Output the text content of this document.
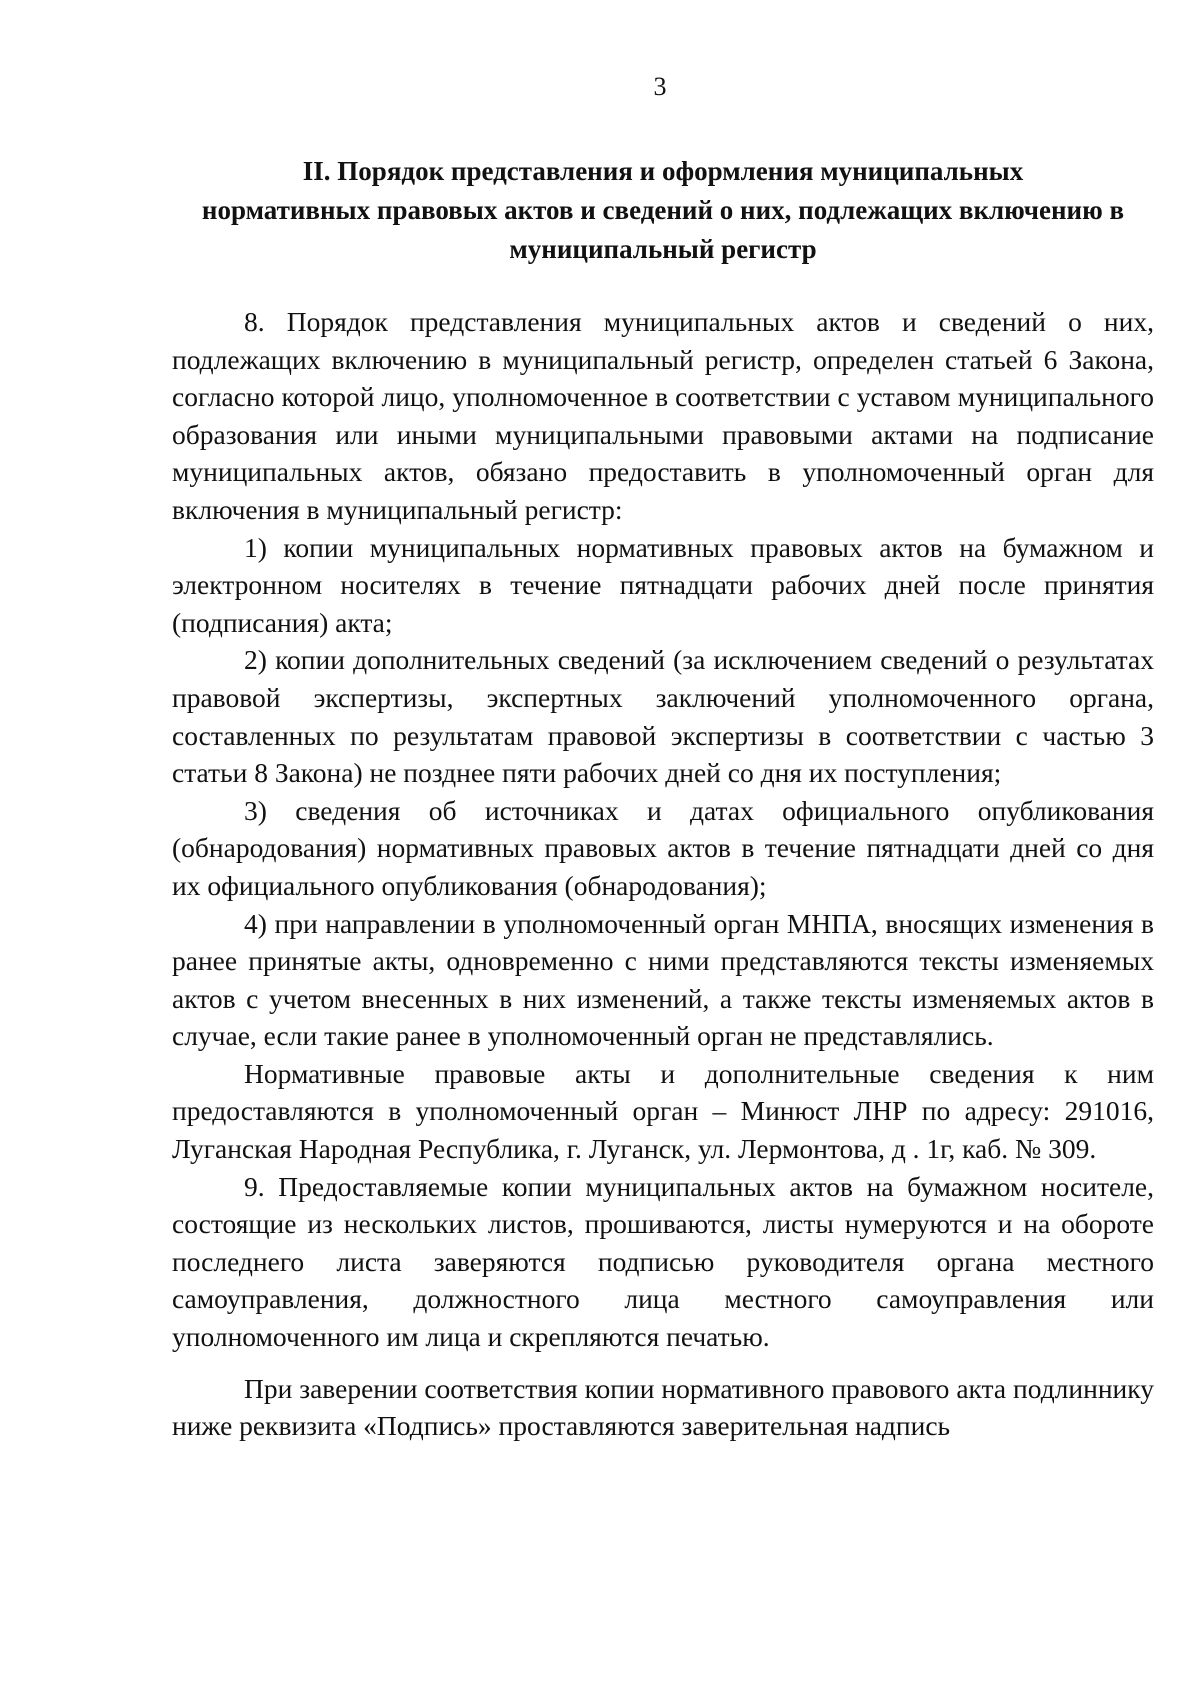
3
II. Порядок представления и оформления муниципальных
нормативных правовых актов и сведений о них, подлежащих включению в
муниципальный регистр

8. Порядок представления муниципальных актов и сведений о них, подлежащих включению в муниципальный регистр, определен статьей 6 Закона, согласно которой лицо, уполномоченное в соответствии с уставом муниципального образования или иными муниципальными правовыми актами на подписание муниципальных актов, обязано предоставить в уполномоченный орган для включения в муниципальный регистр:

1) копии муниципальных нормативных правовых актов на бумажном и электронном носителях в течение пятнадцати рабочих дней после принятия (подписания) акта;

2) копии дополнительных сведений (за исключением сведений о результатах правовой экспертизы, экспертных заключений уполномоченного органа, составленных по результатам правовой экспертизы в соответствии с частью 3 статьи 8 Закона) не позднее пяти рабочих дней со дня их поступления;

3) сведения об источниках и датах официального опубликования (обнародования) нормативных правовых актов в течение пятнадцати дней со дня их официального опубликования (обнародования);

4) при направлении в уполномоченный орган МНПА, вносящих изменения в ранее принятые акты, одновременно с ними представляются тексты изменяемых актов с учетом внесенных в них изменений, а также тексты изменяемых актов в случае, если такие ранее в уполномоченный орган не представлялись.

Нормативные правовые акты и дополнительные сведения к ним предоставляются в уполномоченный орган – Минюст ЛНР по адресу: 291016, Луганская Народная Республика, г. Луганск, ул. Лермонтова, д . 1г, каб. № 309.

9. Предоставляемые копии муниципальных актов на бумажном носителе, состоящие из нескольких листов, прошиваются, листы нумеруются и на обороте последнего листа заверяются подписью руководителя органа местного самоуправления, должностного лица местного самоуправления или уполномоченного им лица и скрепляются печатью.

При заверении соответствия копии нормативного правового акта подлиннику ниже реквизита «Подпись» проставляются заверительная надпись
